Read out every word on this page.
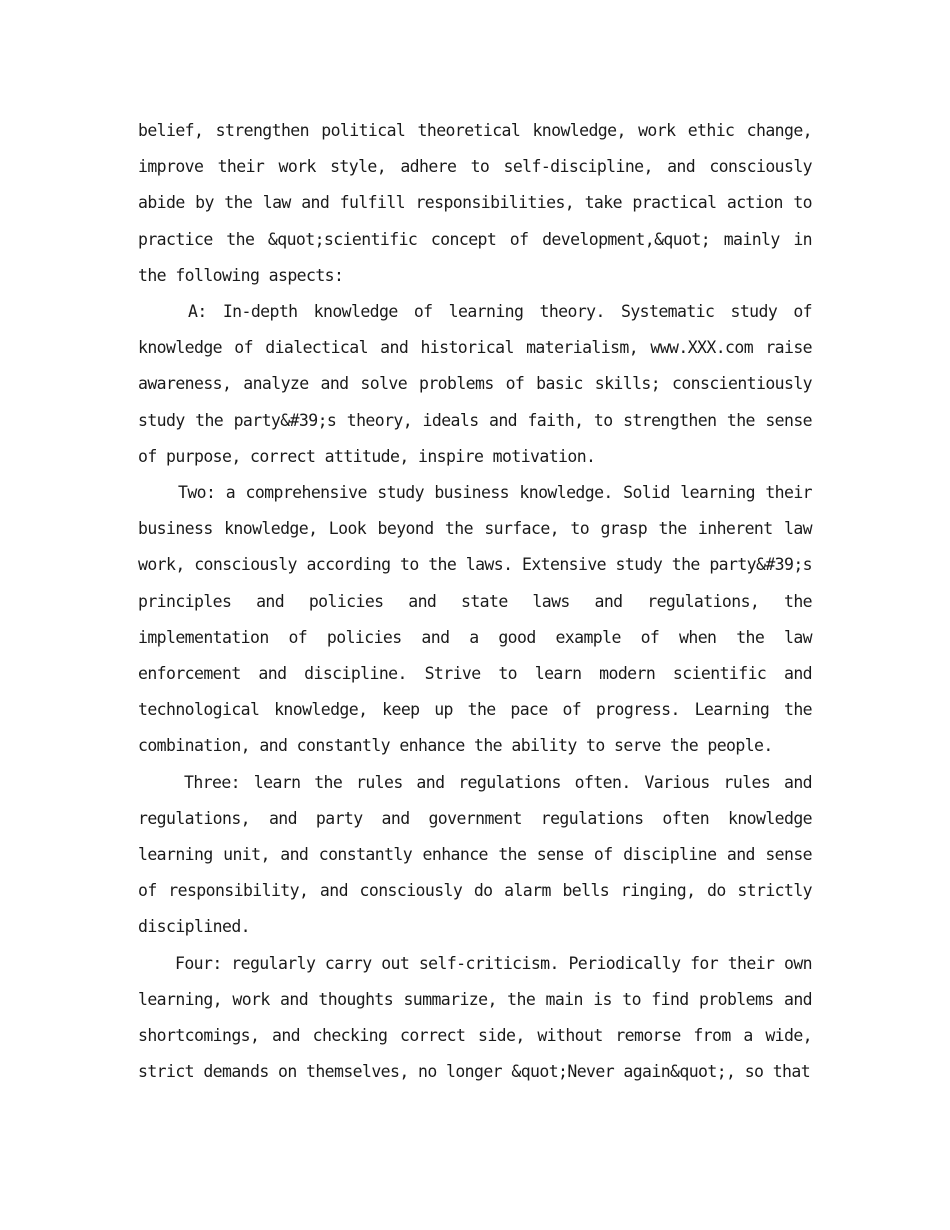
belief, strengthen political theoretical knowledge, work ethic change, improve their work style, adhere to self-discipline, and consciously abide by the law and fulfill responsibilities, take practical action to practice the &quot;scientific concept of development,&quot; mainly in the following aspects:

A: In-depth knowledge of learning theory. Systematic study of knowledge of dialectical and historical materialism, www.XXX.com raise awareness, analyze and solve problems of basic skills; conscientiously study the party&#39;s theory, ideals and faith, to strengthen the sense of purpose, correct attitude, inspire motivation.

Two: a comprehensive study business knowledge. Solid learning their business knowledge, Look beyond the surface, to grasp the inherent law work, consciously according to the laws. Extensive study the party&#39;s principles and policies and state laws and regulations, the implementation of policies and a good example of when the law enforcement and discipline. Strive to learn modern scientific and technological knowledge, keep up the pace of progress. Learning the combination, and constantly enhance the ability to serve the people.

Three: learn the rules and regulations often. Various rules and regulations, and party and government regulations often knowledge learning unit, and constantly enhance the sense of discipline and sense of responsibility, and consciously do alarm bells ringing, do strictly disciplined.

Four: regularly carry out self-criticism. Periodically for their own learning, work and thoughts summarize, the main is to find problems and shortcomings, and checking correct side, without remorse from a wide, strict demands on themselves, no longer &quot;Never again&quot;, so that
